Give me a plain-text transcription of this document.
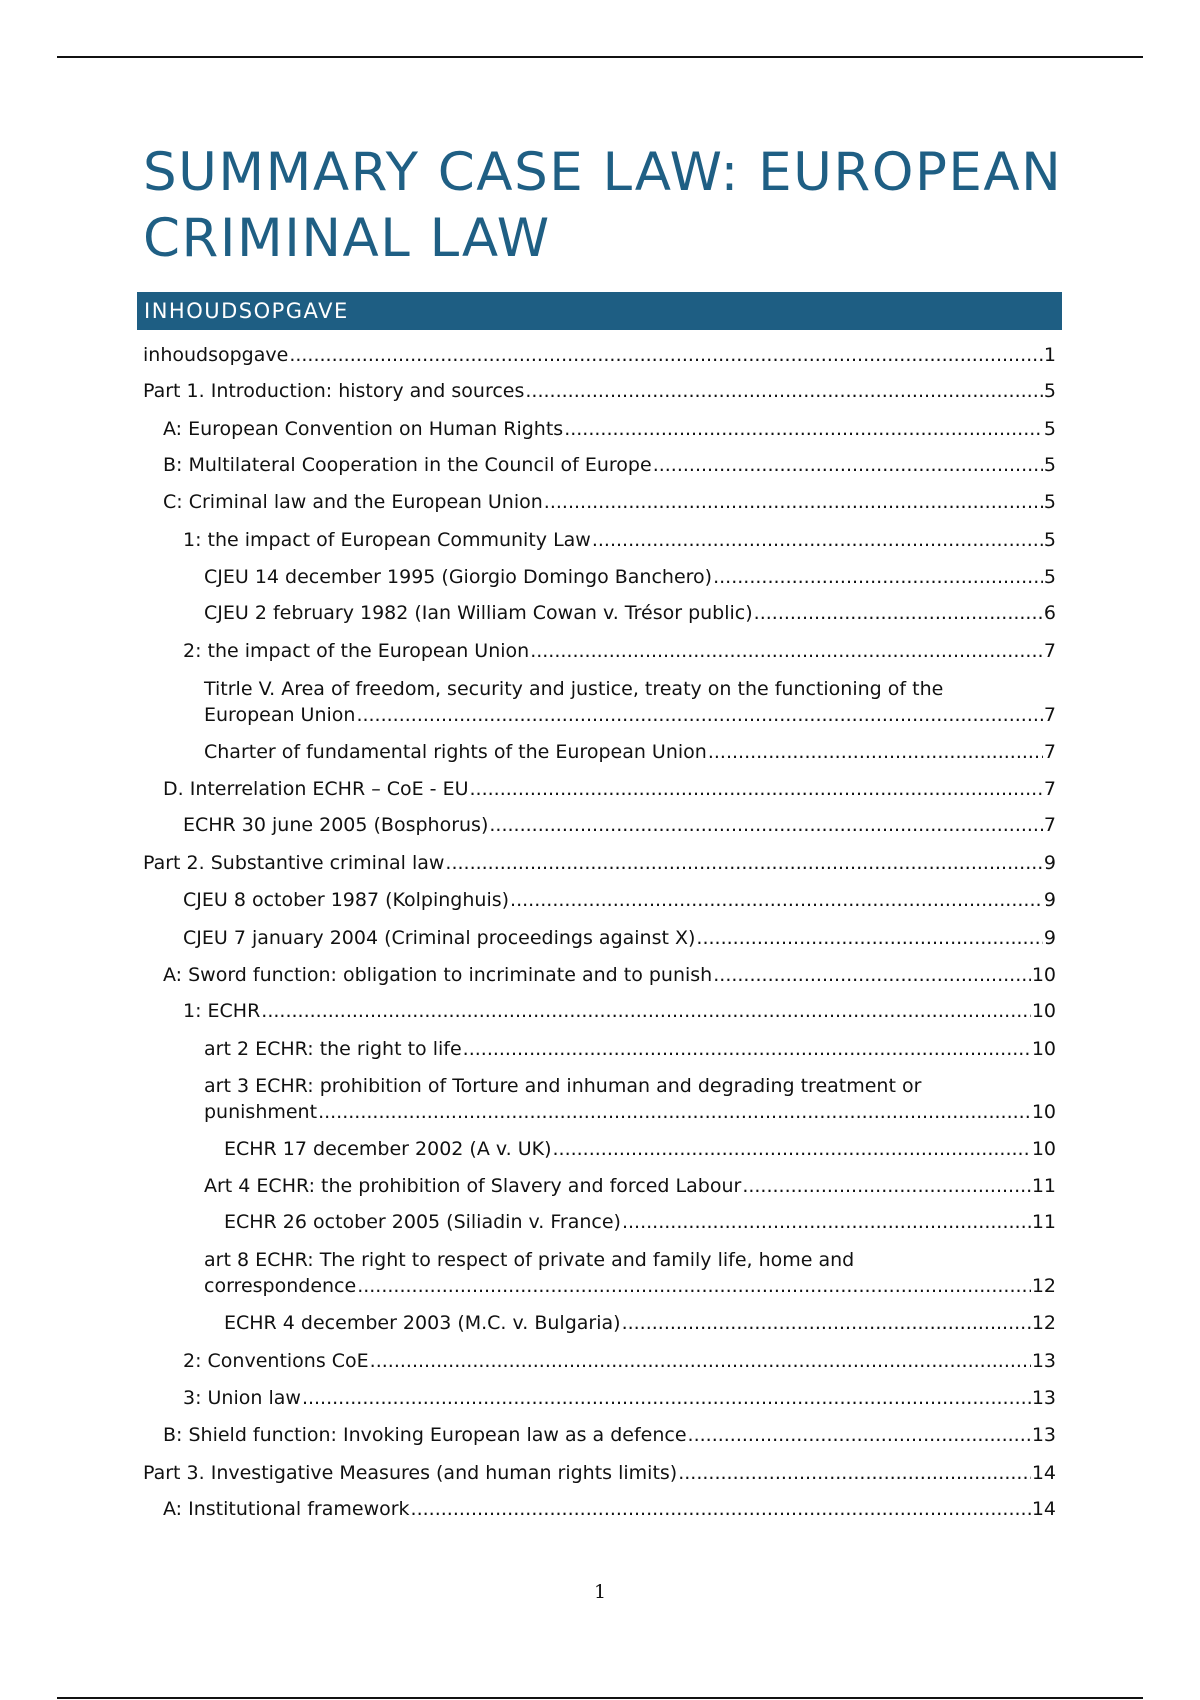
SUMMARY CASE LAW: EUROPEAN CRIMINAL LAW
INHOUDSOPGAVE
inhoudsopgave .....	1
Part 1. Introduction: history and sources .....	5
A: European Convention on Human Rights .....	5
B: Multilateral Cooperation in the Council of Europe .....	5
C: Criminal law and the European Union .....	5
1: the impact of European Community Law .....	5
CJEU 14 december 1995 (Giorgio Domingo Banchero) .....	5
CJEU 2 february 1982 (Ian William Cowan v. Trésor public) .....	6
2: the impact of the European Union .....	7
Titrle V. Area of freedom, security and justice, treaty on the functioning of the
European Union .....	7
Charter of fundamental rights of the European Union .....	7
D. Interrelation ECHR – CoE - EU .....	7
ECHR 30 june 2005 (Bosphorus) .....	7
Part 2. Substantive criminal law .....	9
CJEU 8 october 1987 (Kolpinghuis) .....	9
CJEU 7 january 2004 (Criminal proceedings against X) .....	9
A: Sword function: obligation to incriminate and to punish .....	10
1: ECHR .....	10
art 2 ECHR: the right to life .....	10
art 3 ECHR: prohibition of Torture and inhuman and degrading treatment or
punishment .....	10
ECHR 17 december 2002 (A v. UK) .....	10
Art 4 ECHR: the prohibition of Slavery and forced Labour .....	11
ECHR 26 october 2005 (Siliadin v. France) .....	11
art 8 ECHR: The right to respect of private and family life, home and
correspondence .....	12
ECHR 4 december 2003 (M.C. v. Bulgaria) .....	12
2: Conventions CoE .....	13
3: Union law .....	13
B: Shield function: Invoking European law as a defence .....	13
Part 3. Investigative Measures (and human rights limits) .....	14
A: Institutional framework .....	14
1
